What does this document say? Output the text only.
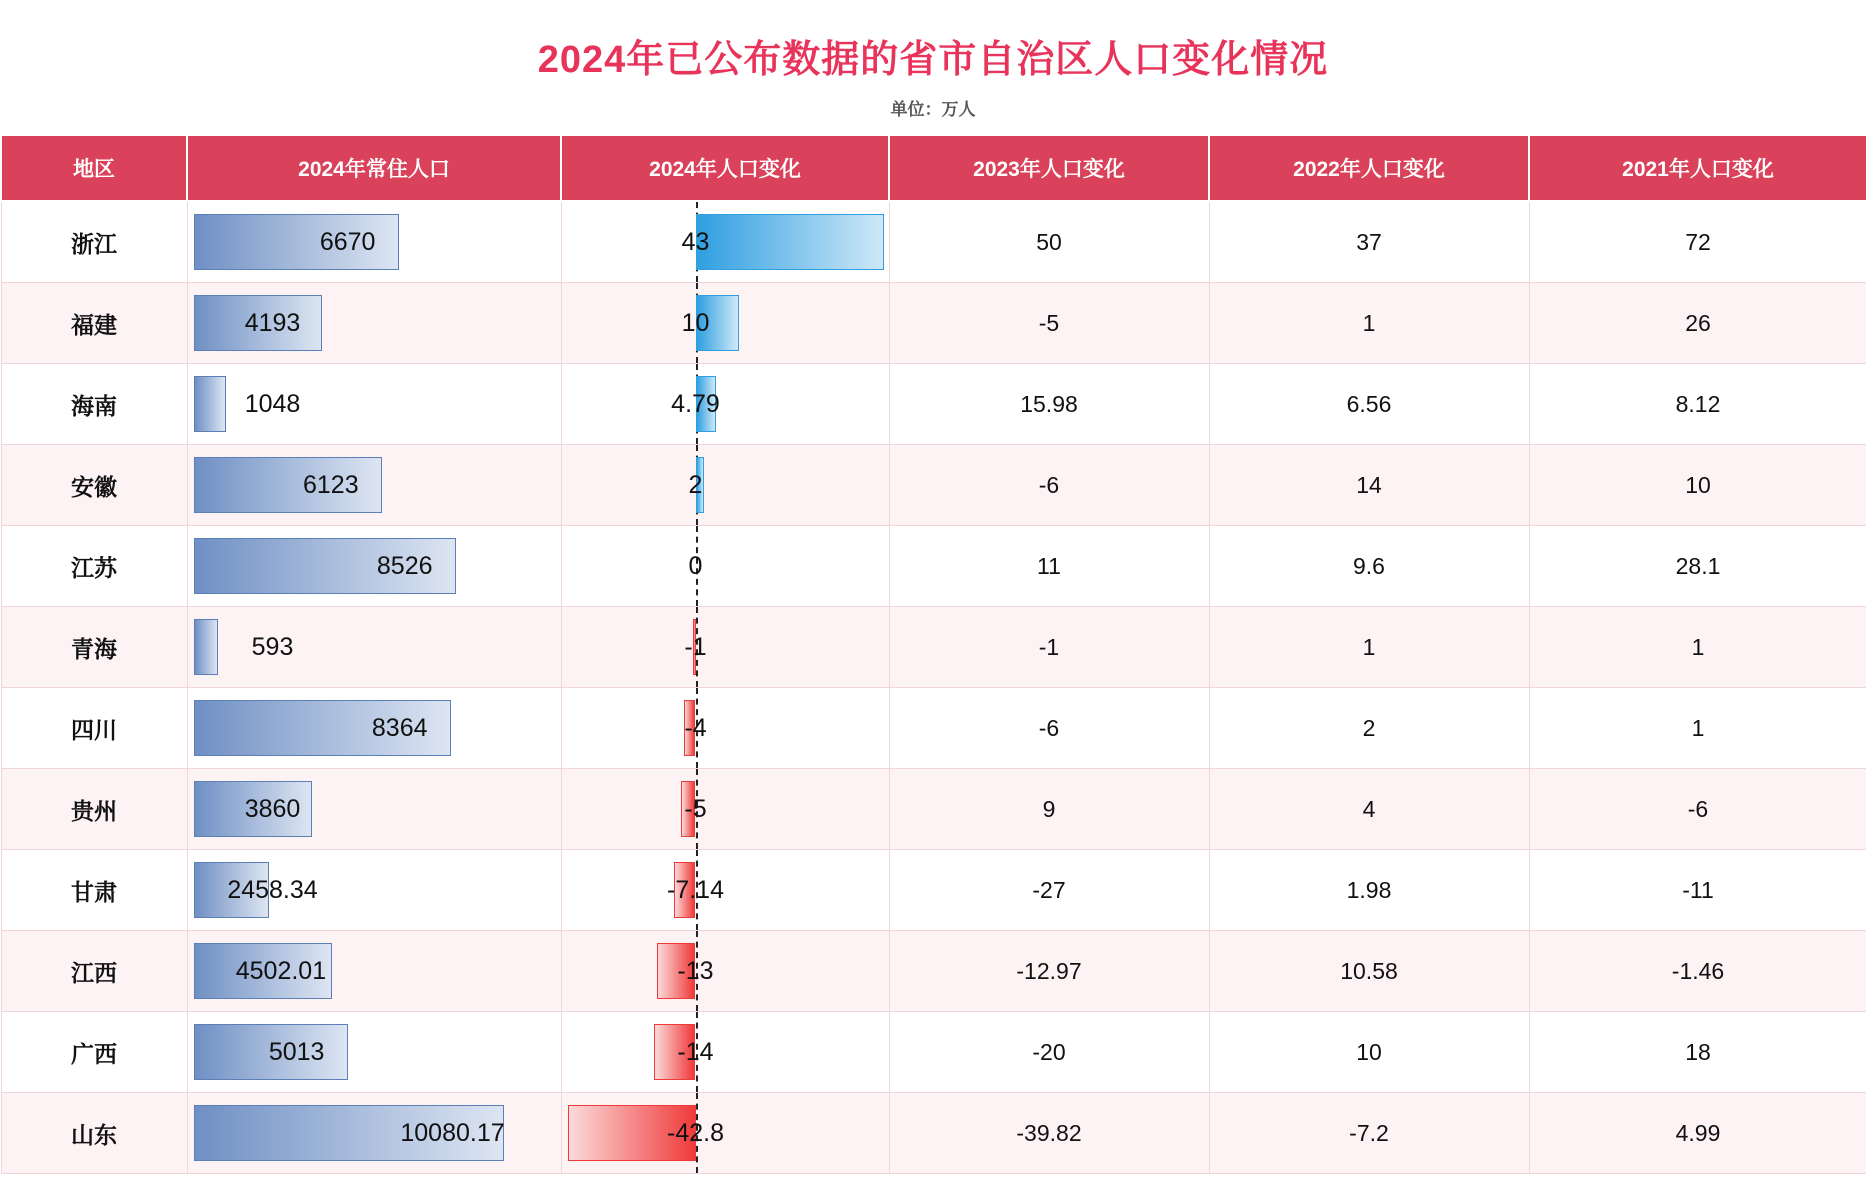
2024年已公布数据的省市自治区人口变化情况
单位：万人
地区	2024年常住人口	2024年人口变化	2023年人口变化	2022年人口变化	2021年人口变化
浙江	6670	43	50	37	72
福建	4193	10	-5	1	26
海南	1048	4.79	15.98	6.56	8.12
安徽	6123	2	-6	14	10
江苏	8526	0	11	9.6	28.1
青海	593	-1	-1	1	1
四川	8364	-4	-6	2	1
贵州	3860	-5	9	4	-6
甘肃	2458.34	-7.14	-27	1.98	-11
江西	4502.01	-13	-12.97	10.58	-1.46
广西	5013	-14	-20	10	18
山东	10080.17	-42.8	-39.82	-7.2	4.99
